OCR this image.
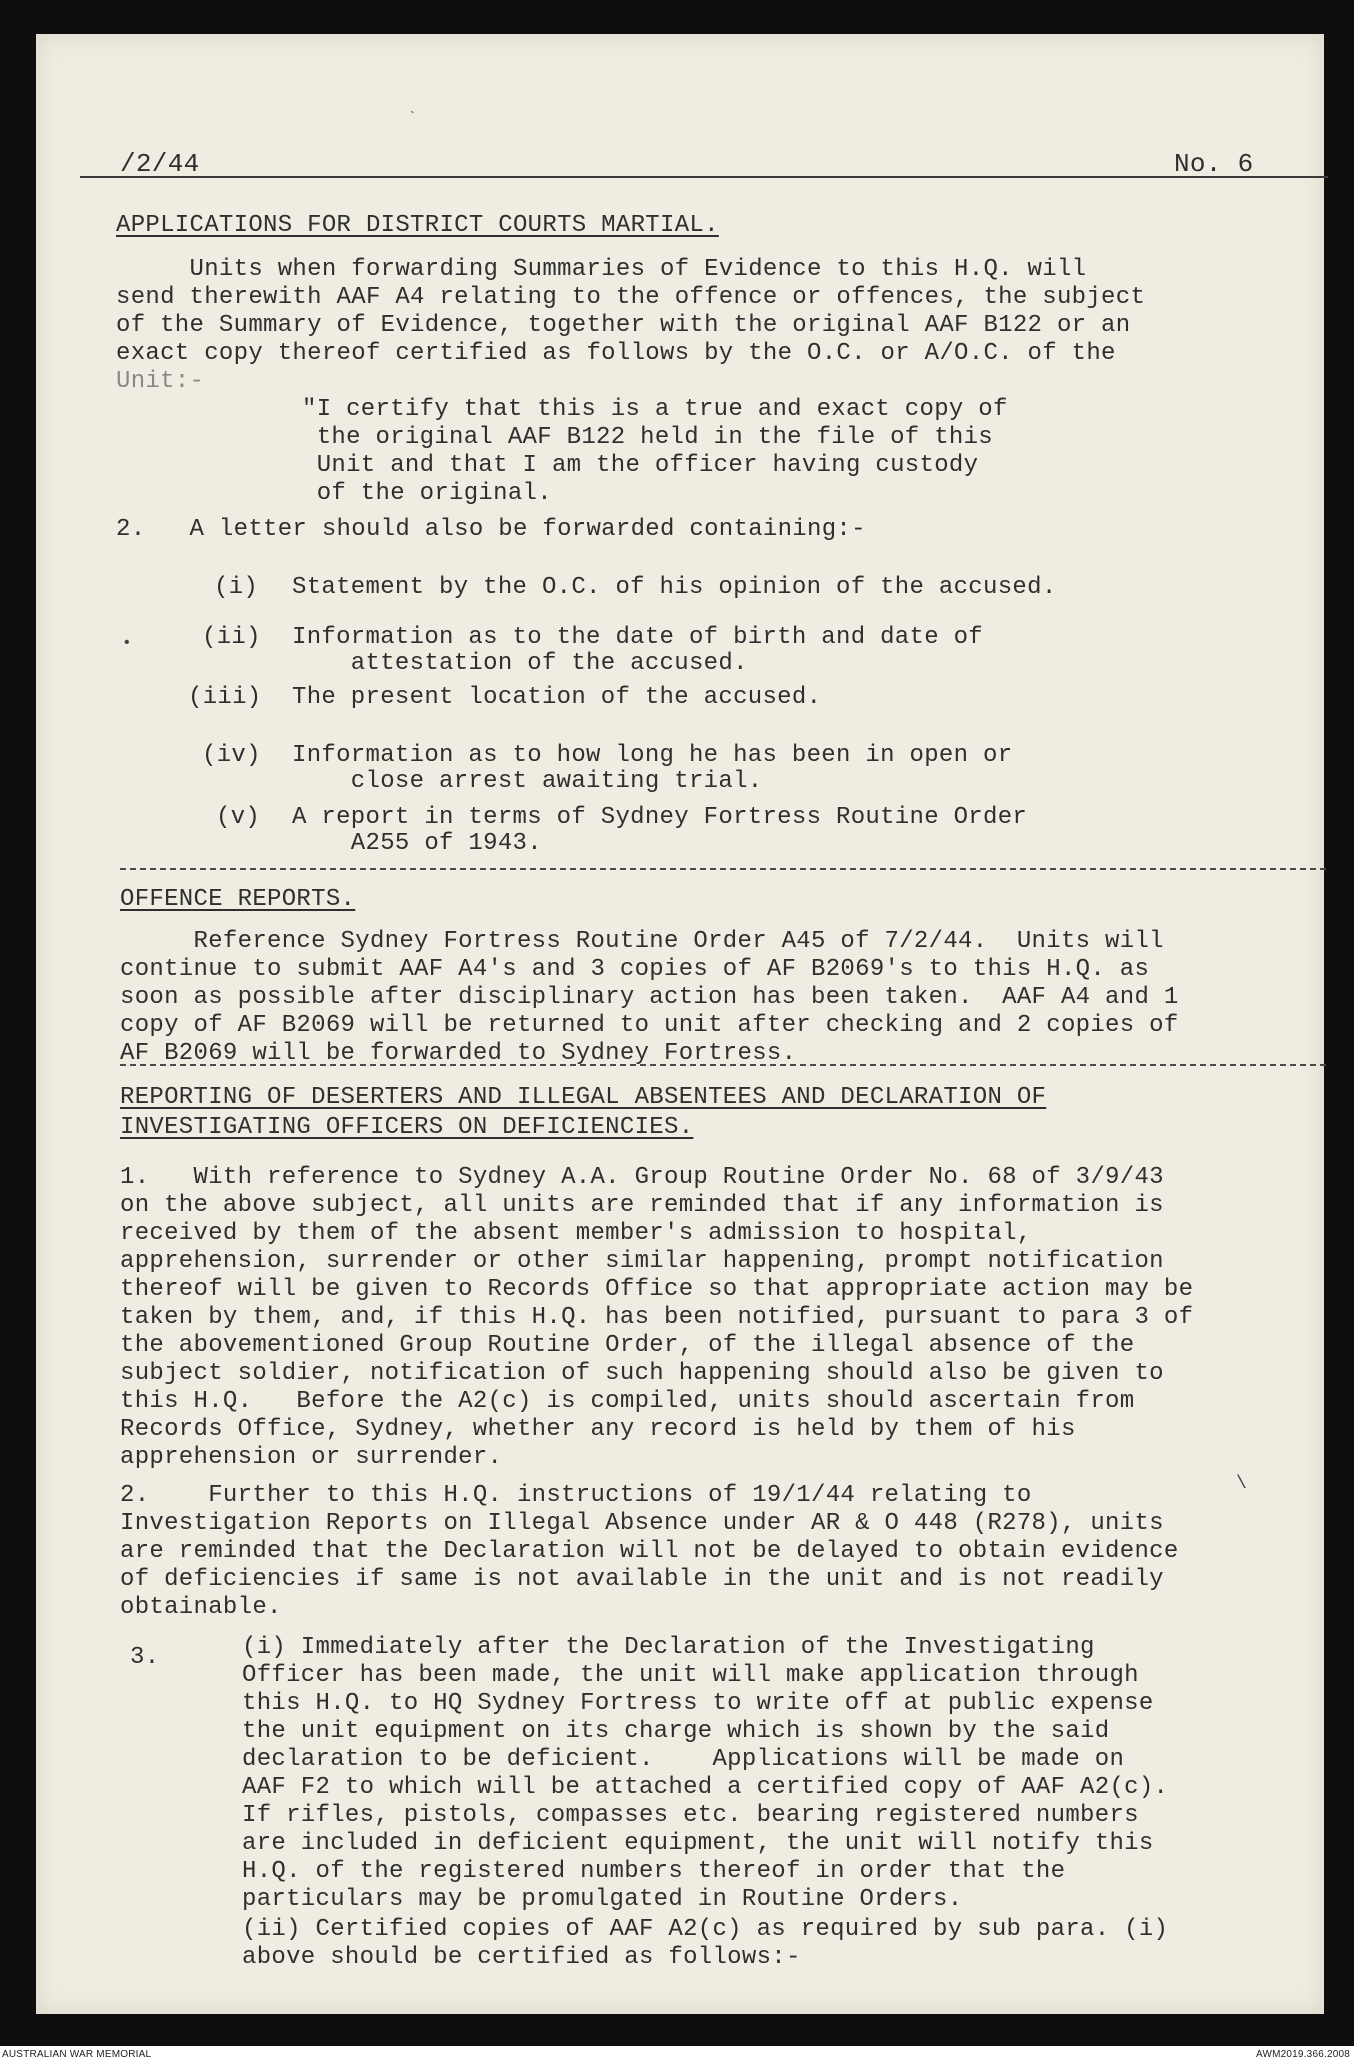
/2/44	No. 6
APPLICATIONS FOR DISTRICT COURTS MARTIAL.
Units when forwarding Summaries of Evidence to this H.Q. will
send therewith AAF A4 relating to the offence or offences, the subject
of the Summary of Evidence, together with the original AAF B122 or an
exact copy thereof certified as follows by the O.C. or A/O.C. of the
Unit:-
"I certify that this is a true and exact copy of
the original AAF B122 held in the file of this
Unit and that I am the officer having custody
of the original.
2.   A letter should also be forwarded containing:-
(i) Statement by the O.C. of his opinion of the accused.
(ii) Information as to the date of birth and date of
attestation of the accused.
(iii) The present location of the accused.
(iv) Information as to how long he has been in open or
close arrest awaiting trial.
(v) A report in terms of Sydney Fortress Routine Order
A255 of 1943.
OFFENCE REPORTS.
Reference Sydney Fortress Routine Order A45 of 7/2/44.  Units will
continue to submit AAF A4's and 3 copies of AF B2069's to this H.Q. as
soon as possible after disciplinary action has been taken.  AAF A4 and 1
copy of AF B2069 will be returned to unit after checking and 2 copies of
AF B2069 will be forwarded to Sydney Fortress.
REPORTING OF DESERTERS AND ILLEGAL ABSENTEES AND DECLARATION OF
INVESTIGATING OFFICERS ON DEFICIENCIES.
1.   With reference to Sydney A.A. Group Routine Order No. 68 of 3/9/43
on the above subject, all units are reminded that if any information is
received by them of the absent member's admission to hospital,
apprehension, surrender or other similar happening, prompt notification
thereof will be given to Records Office so that appropriate action may be
taken by them, and, if this H.Q. has been notified, pursuant to para 3 of
the abovementioned Group Routine Order, of the illegal absence of the
subject soldier, notification of such happening should also be given to
this H.Q.   Before the A2(c) is compiled, units should ascertain from
Records Office, Sydney, whether any record is held by them of his
apprehension or surrender.
2.    Further to this H.Q. instructions of 19/1/44 relating to
Investigation Reports on Illegal Absence under AR & O 448 (R278), units
are reminded that the Declaration will not be delayed to obtain evidence
of deficiencies if same is not available in the unit and is not readily
obtainable.
3.	(i) Immediately after the Declaration of the Investigating
Officer has been made, the unit will make application through
this H.Q. to HQ Sydney Fortress to write off at public expense
the unit equipment on its charge which is shown by the said
declaration to be deficient.    Applications will be made on
AAF F2 to which will be attached a certified copy of AAF A2(c).
If rifles, pistols, compasses etc. bearing registered numbers
are included in deficient equipment, the unit will notify this
H.Q. of the registered numbers thereof in order that the
particulars may be promulgated in Routine Orders.
(ii) Certified copies of AAF A2(c) as required by sub para. (i)
above should be certified as follows:-
`
•
\
AUSTRALIAN WAR MEMORIAL	AWM2019.366.2008
